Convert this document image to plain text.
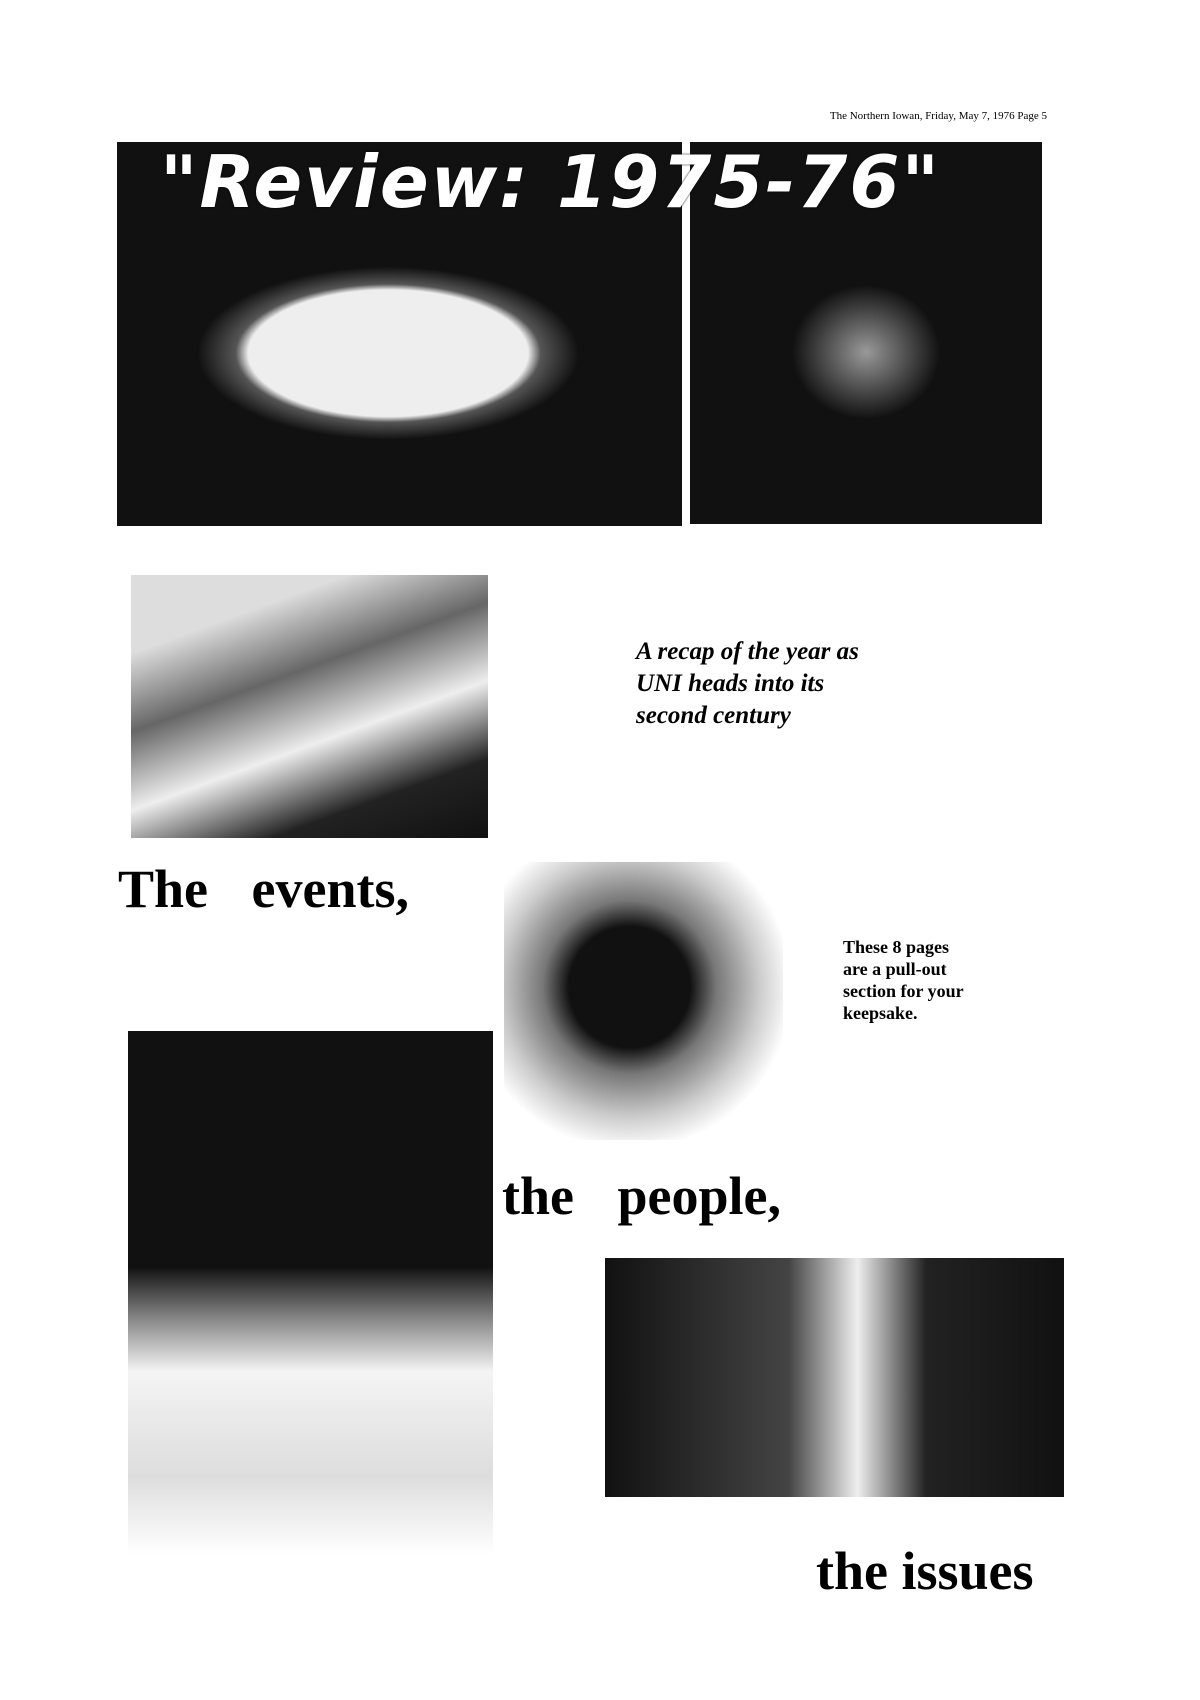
The Northern Iowan, Friday, May 7, 1976 Page 5
"Review: 1975-76"
A recap of the year as
UNI heads into its
second century
The events,
These 8 pages
are a pull-out
section for your
keepsake.
the people,
the issues
